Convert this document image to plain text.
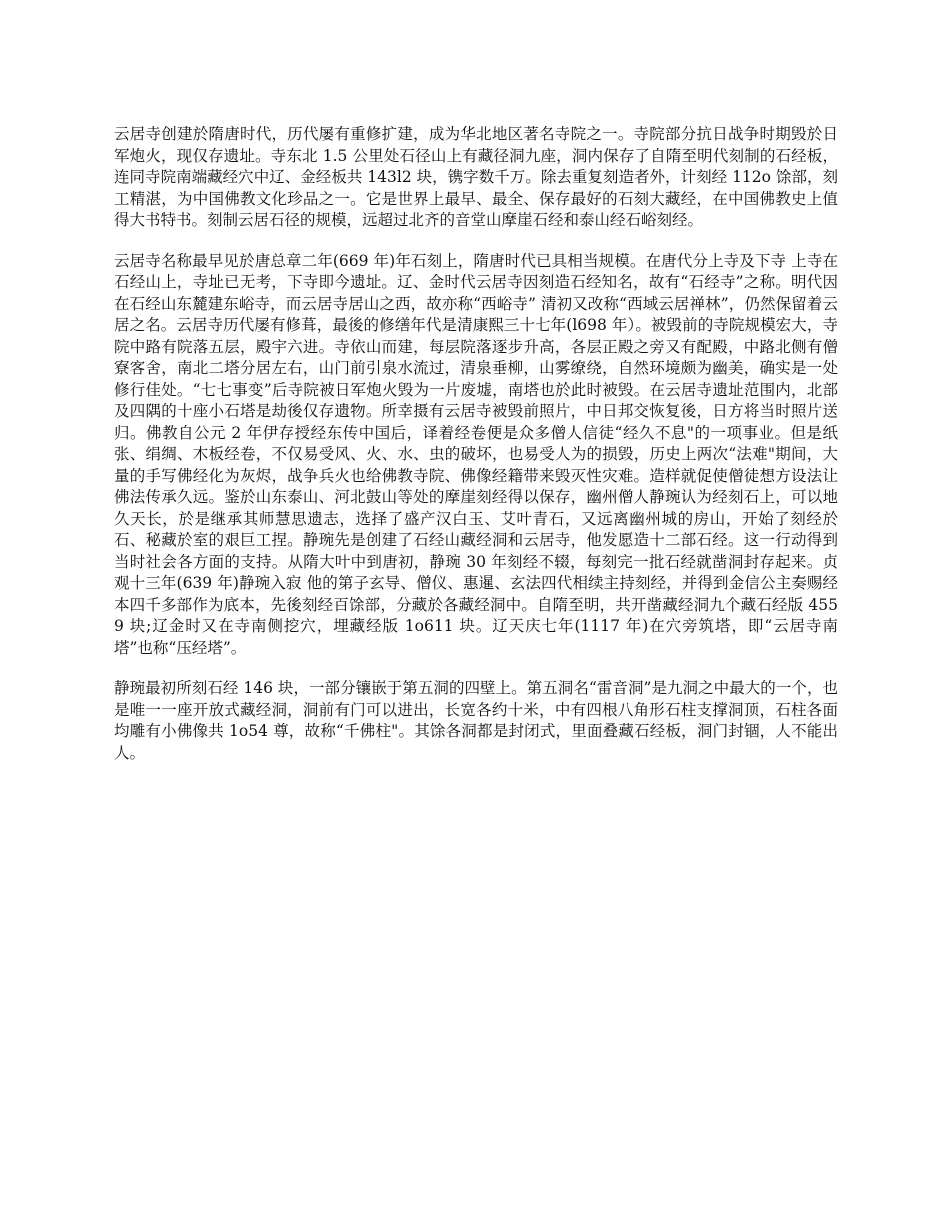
云居寺创建於隋唐时代，历代屡有重修扩建，成为华北地区著名寺院之一。寺院部分抗日战争时期毁於日军炮火，现仅存遗址。寺东北 1.5 公里处石径山上有藏径洞九座，洞内保存了自隋至明代刻制的石经板，连同寺院南端藏经穴中辽、金经板共 143l2 块，镌字数千万。除去重复刻造者外，计刻经 112o 馀部，刻工精湛，为中国佛教文化珍品之一。它是世界上最早、最全、保存最好的石刻大藏经，在中国佛教史上值得大书特书。刻制云居石径的规模，远超过北齐的音堂山摩崖石经和泰山经石峪刻经。

云居寺名称最早见於唐总章二年(669 年)年石刻上，隋唐时代已具相当规模。在唐代分上寺及下寺 上寺在石经山上，寺址已无考，下寺即今遗址。辽、金时代云居寺因刻造石经知名，故有“石经寺”之称。明代因在石经山东麓建东峪寺，而云居寺居山之西，故亦称“西峪寺” 清初又改称“西域云居禅林”，仍然保留着云居之名。云居寺历代屡有修葺，最後的修缮年代是清康熙三十七年(l698 年）。被毁前的寺院规模宏大，寺院中路有院落五层，殿宇六进。寺依山而建，每层院落逐步升高，各层正殿之旁又有配殿，中路北侧有僧寮客舍，南北二塔分居左右，山门前引泉水流过，清泉垂柳，山雾缭绕，自然环境颇为幽美，确实是一处修行佳处。“七七事变”后寺院被日军炮火毁为一片废墟，南塔也於此时被毁。在云居寺遗址范围内，北部及四隅的十座小石塔是劫後仅存遗物。所幸摄有云居寺被毁前照片，中日邦交恢复後，日方将当时照片送归。佛教自公元 2 年伊存授经东传中国后，译着经卷便是众多僧人信徒“经久不息"的一项事业。但是纸张、绢绸、木板经卷，不仅易受风、火、水、虫的破坏，也易受人为的损毁，历史上两次“法难"期间，大量的手写佛经化为灰烬，战争兵火也给佛教寺院、佛像经籍带来毁灭性灾难。造样就促使僧徒想方设法让佛法传承久远。鉴於山东泰山、河北鼓山等处的摩崖刻经得以保存，幽州僧人静琬认为经刻石上，可以地久天长，於是继承其师慧思遗志，选择了盛产汉白玉、艾叶青石，又远离幽州城的房山，开始了刻经於石、秘藏於室的艰巨工捏。静琬先是创建了石经山藏经洞和云居寺，他发愿造十二部石经。这一行动得到当时社会各方面的支持。从隋大叶中到唐初，静琬 30 年刻经不辍，每刻完一批石经就凿洞封存起来。贞观十三年(639 年)静琬入寂 他的第子玄导、僧仪、惠暹、玄法四代相续主持刻经，并得到金信公主奏赐经本四千多部作为底本，先後刻经百馀部，分藏於各藏经洞中。自隋至明，共开凿藏经洞九个藏石经版 4559 块;辽金时又在寺南侧挖穴，埋藏经版 1o611 块。辽天庆七年(1117 年)在穴旁筑塔，即“云居寺南塔”也称“压经塔”。

静琬最初所刻石经 146 块，一部分镶嵌于第五洞的四壁上。第五洞名“雷音洞”是九洞之中最大的一个，也是唯一一座开放式藏经洞，洞前有门可以进出，长宽各约十米，中有四根八角形石柱支撑洞顶，石柱各面均雕有小佛像共 1o54 尊，故称“千佛柱"。其馀各洞都是封闭式，里面叠藏石经板，洞门封锢，人不能出人。
